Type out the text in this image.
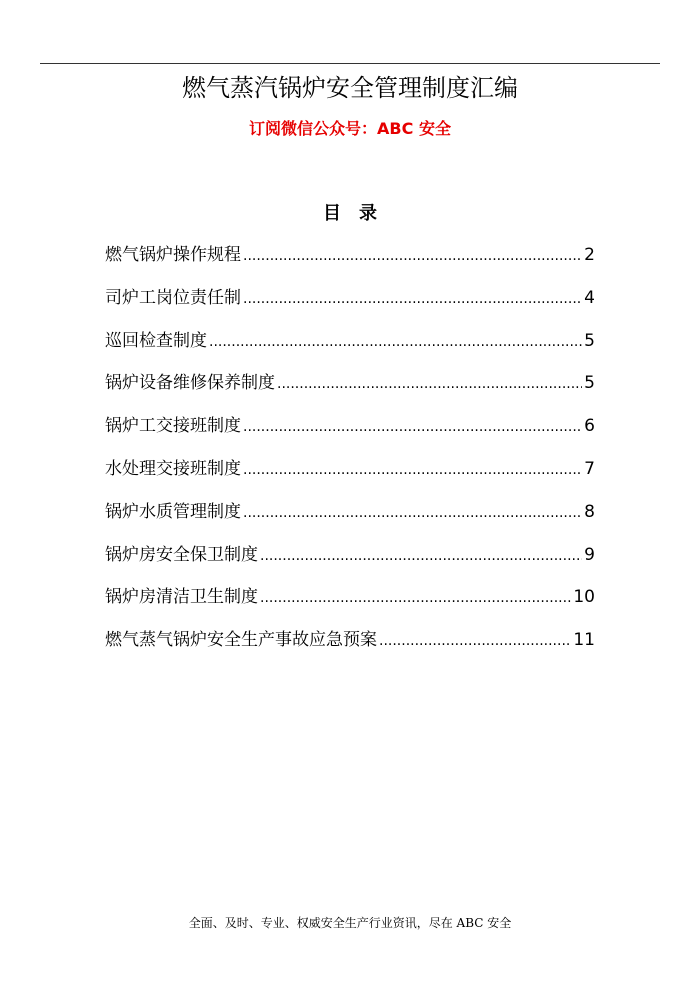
燃气蒸汽锅炉安全管理制度汇编

订阅微信公众号：ABC 安全

目录
燃气锅炉操作规程 .....	2
司炉工岗位责任制 .....	4
巡回检查制度 .....	5
锅炉设备维修保养制度 .....	5
锅炉工交接班制度 .....	6
水处理交接班制度 .....	7
锅炉水质管理制度 .....	8
锅炉房安全保卫制度 .....	9
锅炉房清洁卫生制度 .....	10
燃气蒸气锅炉安全生产事故应急预案 .....	11

全面、及时、专业、权威安全生产行业资讯，尽在 ABC 安全
